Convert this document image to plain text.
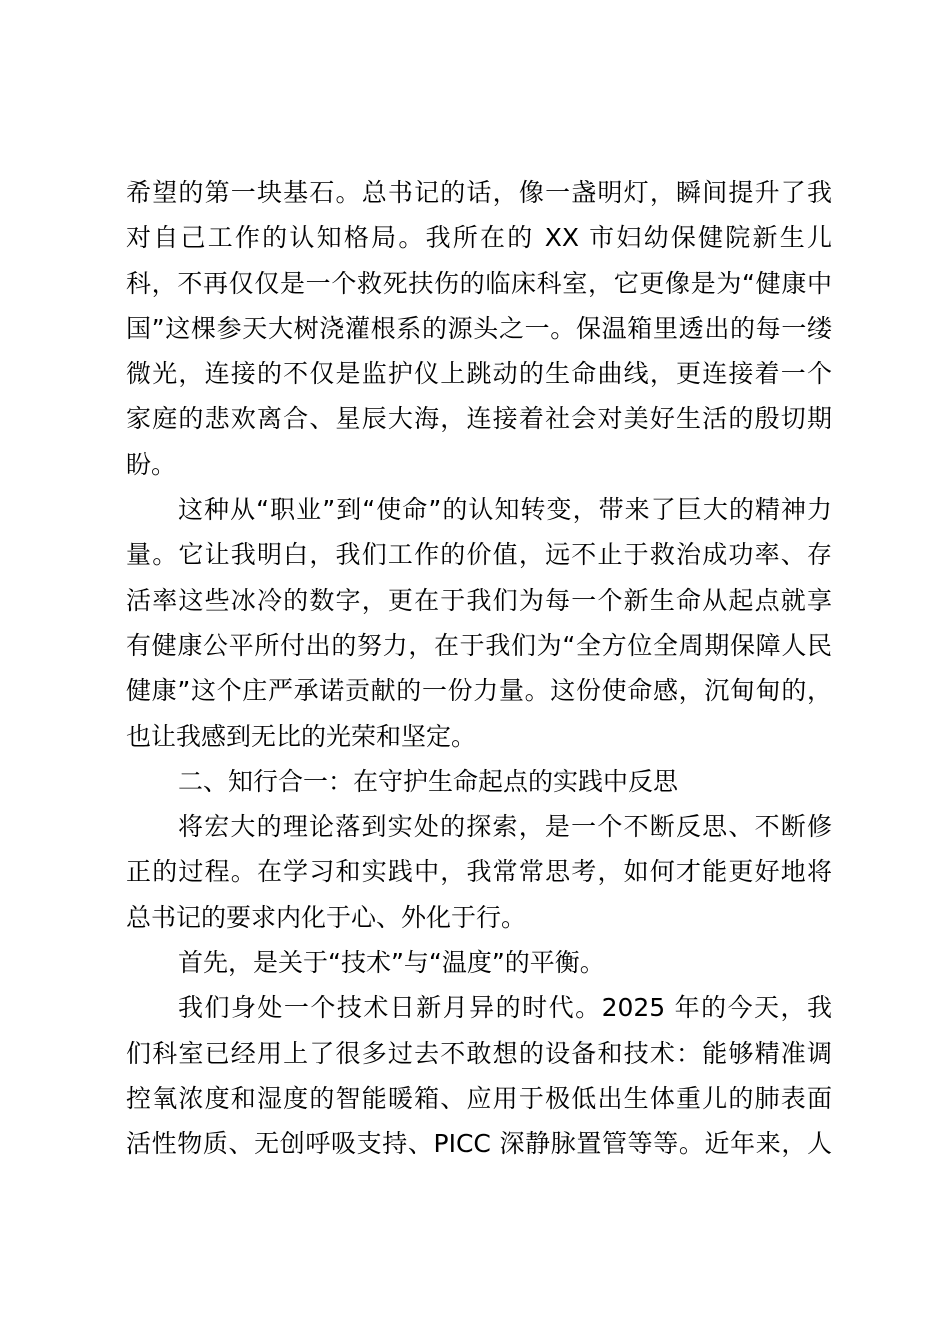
希望的第一块基石。总书记的话，像一盏明灯，瞬间提升了我
对自己工作的认知格局。我所在的 XX 市妇幼保健院新生儿
科，不再仅仅是一个救死扶伤的临床科室，它更像是为“健康中
国”这棵参天大树浇灌根系的源头之一。保温箱里透出的每一缕
微光，连接的不仅是监护仪上跳动的生命曲线，更连接着一个
家庭的悲欢离合、星辰大海，连接着社会对美好生活的殷切期
盼。
这种从“职业”到“使命”的认知转变，带来了巨大的精神力
量。它让我明白，我们工作的价值，远不止于救治成功率、存
活率这些冰冷的数字，更在于我们为每一个新生命从起点就享
有健康公平所付出的努力，在于我们为“全方位全周期保障人民
健康”这个庄严承诺贡献的一份力量。这份使命感，沉甸甸的，
也让我感到无比的光荣和坚定。
二、知行合一：在守护生命起点的实践中反思
将宏大的理论落到实处的探索，是一个不断反思、不断修
正的过程。在学习和实践中，我常常思考，如何才能更好地将
总书记的要求内化于心、外化于行。
首先，是关于“技术”与“温度”的平衡。
我们身处一个技术日新月异的时代。2025 年的今天，我
们科室已经用上了很多过去不敢想的设备和技术：能够精准调
控氧浓度和湿度的智能暖箱、应用于极低出生体重儿的肺表面
活性物质、无创呼吸支持、PICC 深静脉置管等等。近年来，人
